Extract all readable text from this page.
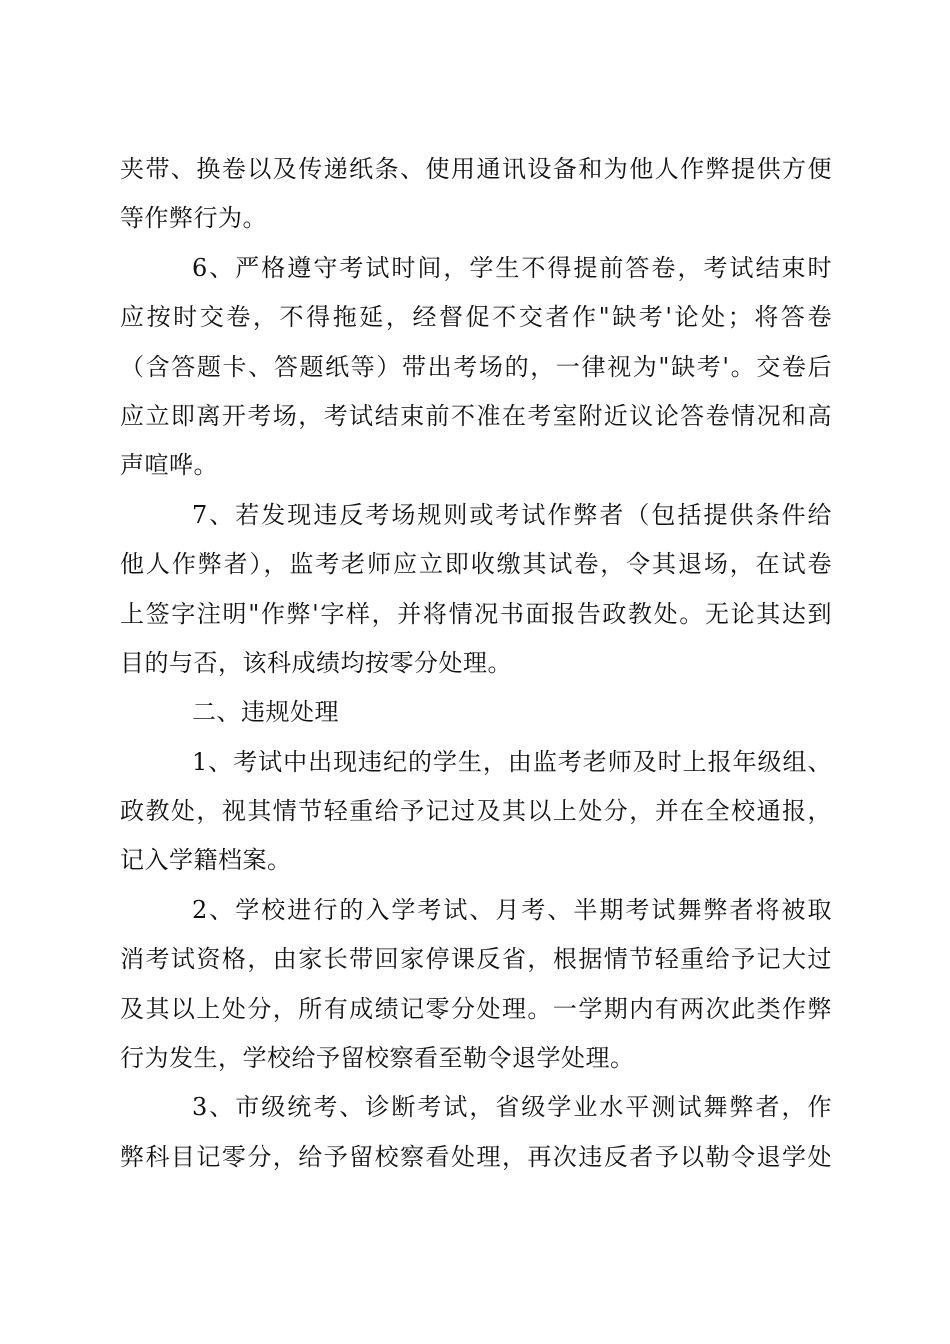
夹带、换卷以及传递纸条、使用通讯设备和为他人作弊提供方便
等作弊行为。
6、严格遵守考试时间，学生不得提前答卷，考试结束时
应按时交卷，不得拖延，经督促不交者作"缺考'论处；将答卷
（含答题卡、答题纸等）带出考场的，一律视为"缺考'。交卷后
应立即离开考场，考试结束前不准在考室附近议论答卷情况和高
声喧哗。
7、若发现违反考场规则或考试作弊者（包括提供条件给
他人作弊者），监考老师应立即收缴其试卷，令其退场，在试卷
上签字注明"作弊'字样，并将情况书面报告政教处。无论其达到
目的与否，该科成绩均按零分处理。
二、违规处理
1、考试中出现违纪的学生，由监考老师及时上报年级组、
政教处，视其情节轻重给予记过及其以上处分，并在全校通报，
记入学籍档案。
2、学校进行的入学考试、月考、半期考试舞弊者将被取
消考试资格，由家长带回家停课反省，根据情节轻重给予记大过
及其以上处分，所有成绩记零分处理。一学期内有两次此类作弊
行为发生，学校给予留校察看至勒令退学处理。
3、市级统考、诊断考试，省级学业水平测试舞弊者，作
弊科目记零分，给予留校察看处理，再次违反者予以勒令退学处
